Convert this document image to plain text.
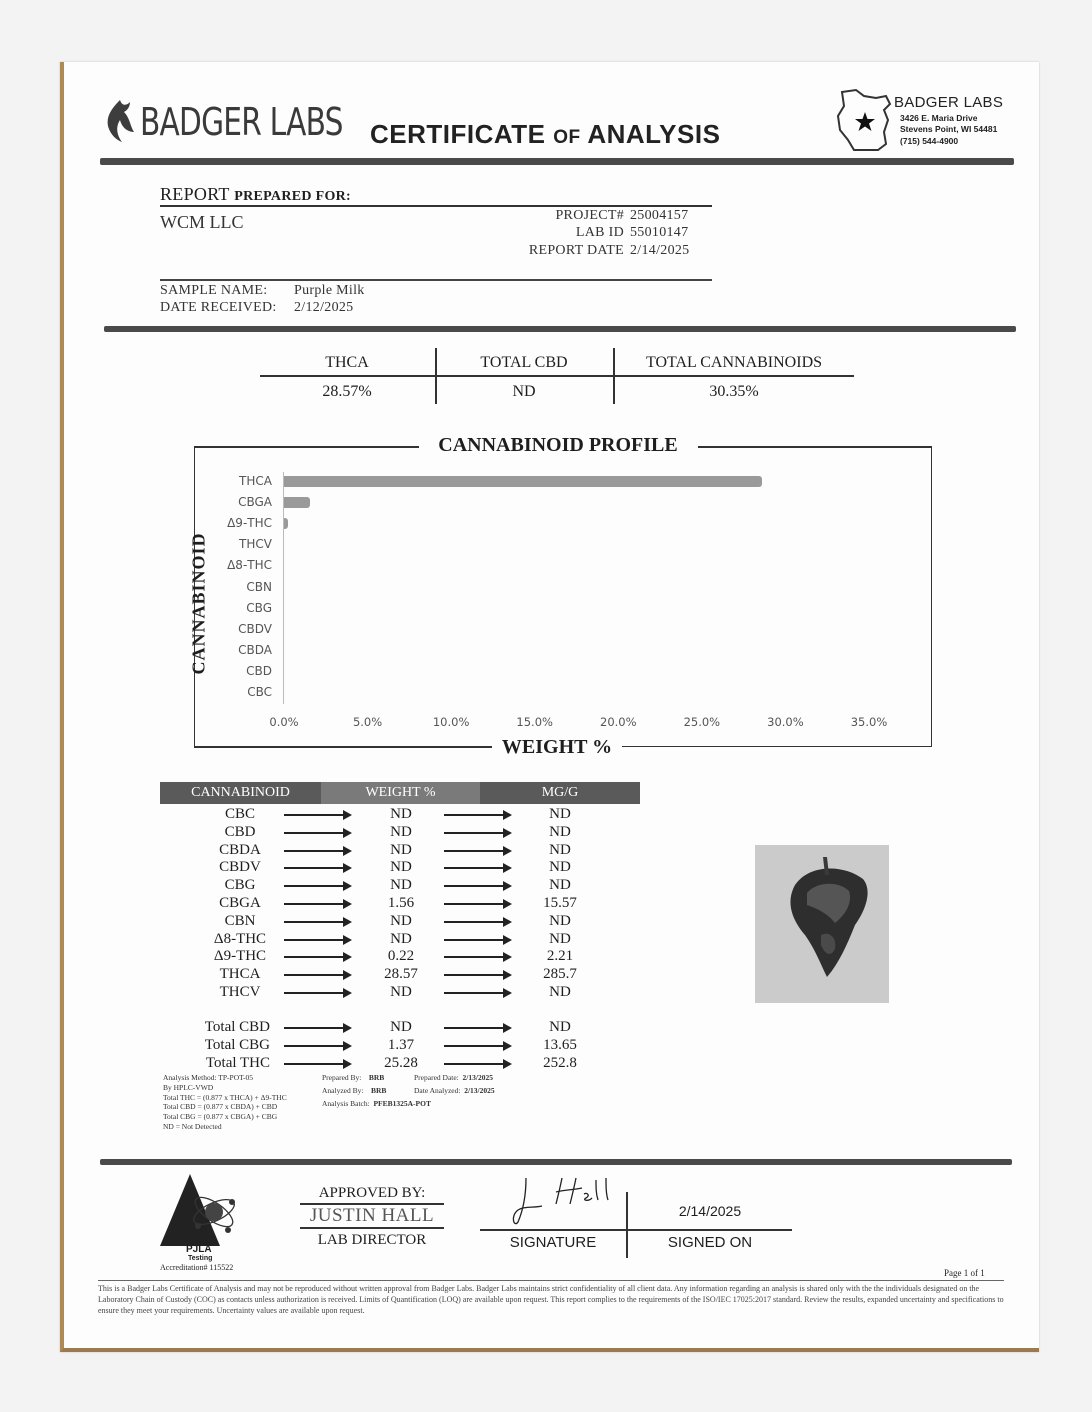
BADGER LABS CERTIFICATE OF ANALYSIS
BADGER LABS
3426 E. Maria Drive
Stevens Point, WI 54481
(715) 544-4900
REPORT PREPARED FOR:
WCM LLC	PROJECT# 25004157
LAB ID 55010147
REPORT DATE 2/14/2025
SAMPLE NAME: Purple Milk
DATE RECEIVED: 2/12/2025
THCA	TOTAL CBD	TOTAL CANNABINOIDS
28.57%	ND	30.35%
CANNABINOID PROFILE
CANNABINOID
THCA
CBGA
Δ9-THC
THCV
Δ8-THC
CBN
CBG
CBDV
CBDA
CBD
CBC
0.0%	5.0%	10.0%	15.0%	20.0%	25.0%	30.0%	35.0%
WEIGHT %
CANNABINOID	WEIGHT %	MG/G
CBC	ND	ND
CBD	ND	ND
CBDA	ND	ND
CBDV	ND	ND
CBG	ND	ND
CBGA	1.56	15.57
CBN	ND	ND
Δ8-THC	ND	ND
Δ9-THC	0.22	2.21
THCA	28.57	285.7
THCV	ND	ND
Total CBD	ND	ND
Total CBG	1.37	13.65
Total THC	25.28	252.8
Analysis Method: TP-POT-05
By HPLC-VWD
Total THC = (0.877 x THCA) + Δ9-THC
Total CBD = (0.877 x CBDA) + CBD
Total CBG = (0.877 x CBGA) + CBG
ND = Not Detected
Prepared By: BRB
Analyzed By: BRB
Analysis Batch: PFEB1325A-POT
Prepared Date: 2/13/2025
Date Analyzed: 2/13/2025
PJLA
Testing
Accreditation# 115522
APPROVED BY:
JUSTIN HALL
LAB DIRECTOR	SIGNATURE
2/14/2025
SIGNED ON
Page 1 of 1
This is a Badger Labs Certificate of Analysis and may not be reproduced without written approval from Badger Labs. Badger Labs maintains strict confidentiality of all client data. Any information regarding an analysis is shared only with the the individuals designated on the Laboratory Chain of Custody (COC) as contacts unless authorization is received. Limits of Quantification (LOQ) are available upon request. This report complies to the requirements of the ISO/IEC 17025:2017 standard. Review the results, expanded uncertainty and specifications to ensure they meet your requirements. Uncertainty values are available upon request.
